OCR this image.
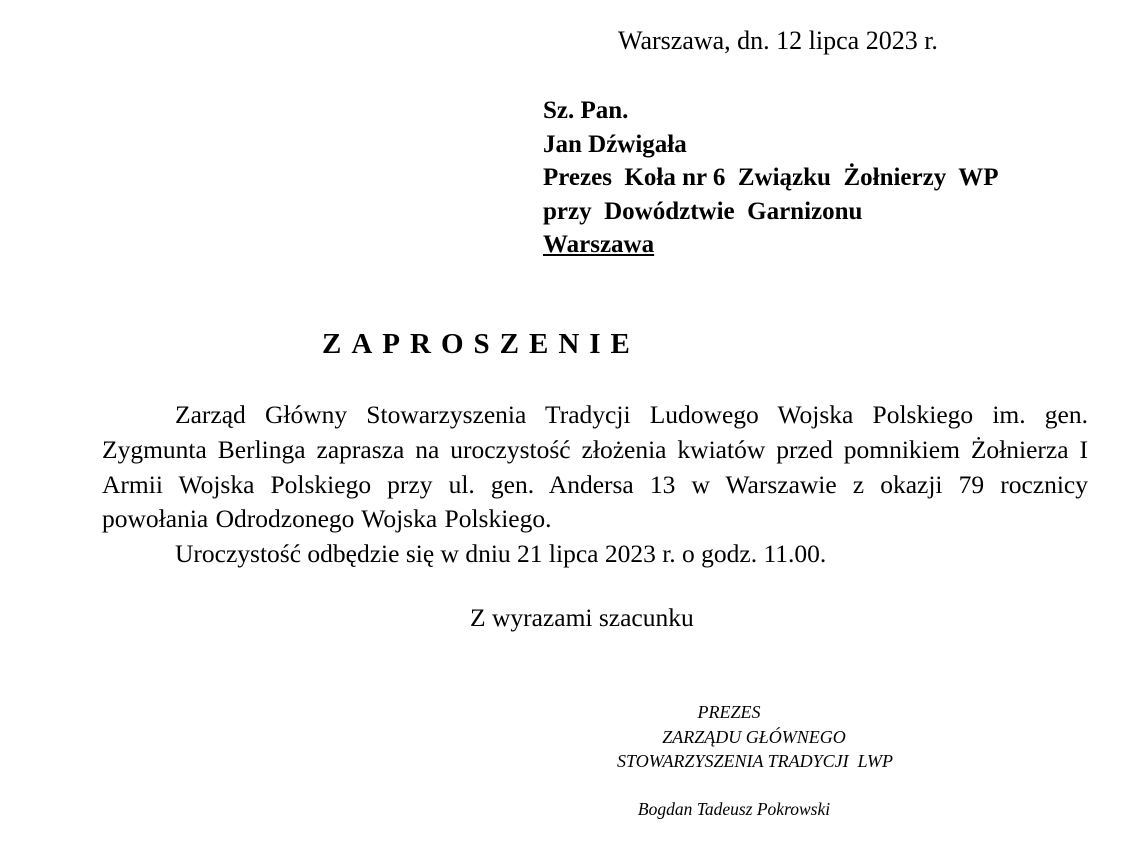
Warszawa, dn. 12 lipca 2023 r.
Sz. Pan.
Jan Dźwigała
Prezes  Koła nr 6  Związku  Żołnierzy  WP
przy  Dowództwie  Garnizonu
Warszawa
ZAPROSZENIE

Zarząd Główny Stowarzyszenia Tradycji Ludowego Wojska Polskiego im. gen. Zygmunta Berlinga zaprasza na uroczystość złożenia kwiatów przed pomnikiem Żołnierza I Armii Wojska Polskiego przy ul. gen. Andersa 13 w Warszawie z okazji 79 rocznicy powołania Odrodzonego Wojska Polskiego.

Uroczystość odbędzie się w dniu 21 lipca 2023 r. o godz. 11.00.

Z wyrazami szacunku
PREZES
ZARZĄDU GŁÓWNEGO
STOWARZYSZENIA TRADYCJI  LWP
Bogdan Tadeusz Pokrowski
